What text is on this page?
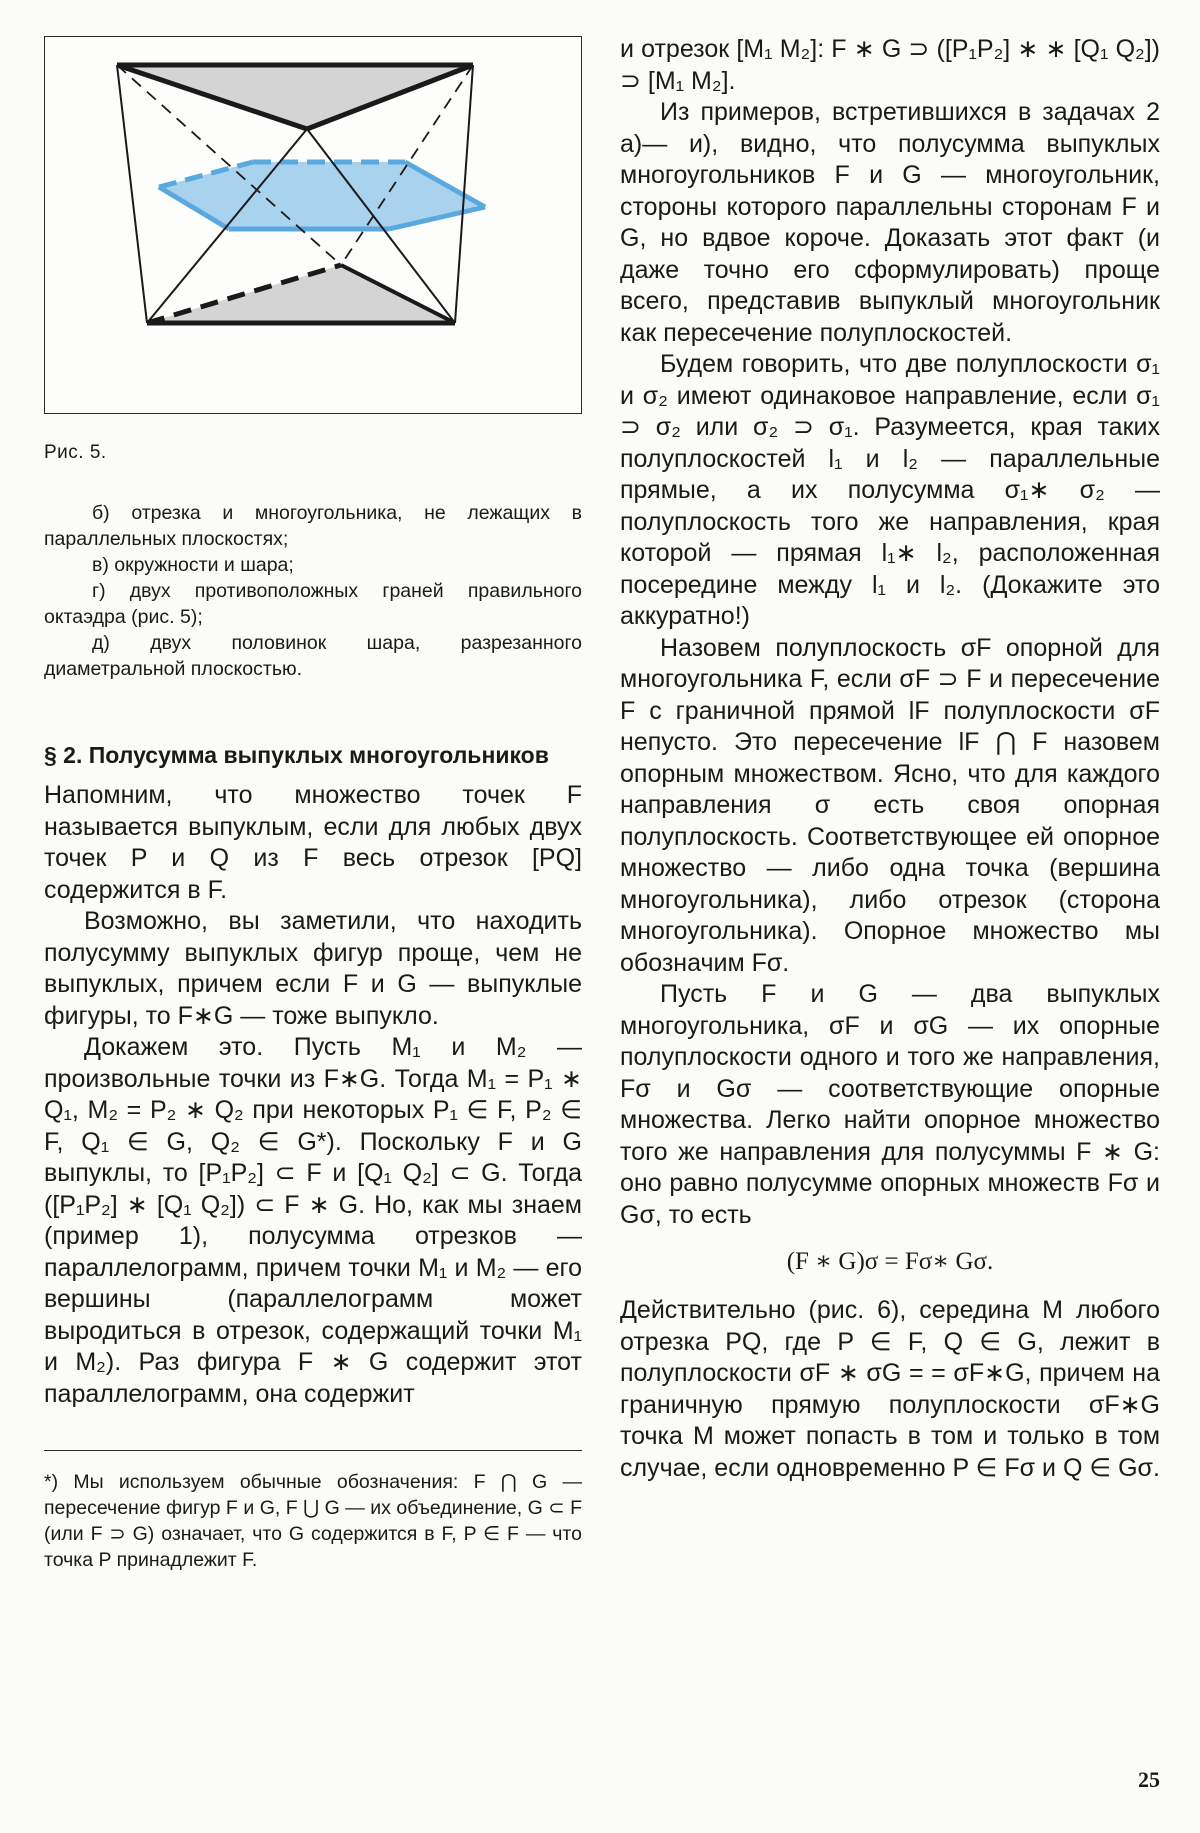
Рис. 5.

б) отрезка и многоугольника, не лежащих в параллельных плоскостях;

в) окружности и шара;

г) двух противоположных граней правильного октаэдра (рис. 5);

д) двух половинок шара, разрезанного диаметральной плоскостью.

§ 2. Полусумма выпуклых многоугольников

Напомним, что множество точек F называется выпуклым, если для любых двух точек P и Q из F весь отрезок [PQ] содержится в F.

Возможно, вы заметили, что находить полусумму выпуклых фигур проще, чем не выпуклых, причем если F и G — выпуклые фигуры, то F∗G — тоже выпукло.

Докажем это. Пусть M₁ и M₂ — произвольные точки из F∗G. Тогда M₁ = P₁ ∗ Q₁, M₂ = P₂ ∗ Q₂ при некоторых P₁ ∈ F, P₂ ∈ F, Q₁ ∈ G, Q₂ ∈ G*). Поскольку F и G выпуклы, то [P₁P₂] ⊂ F и [Q₁ Q₂] ⊂ G. Тогда ([P₁P₂] ∗ [Q₁ Q₂]) ⊂ F ∗ G. Но, как мы знаем (пример 1), полусумма отрезков — параллелограмм, причем точки M₁ и M₂ — его вершины (параллелограмм может выродиться в отрезок, содержащий точки M₁ и M₂). Раз фигура F ∗ G содержит этот параллелограмм, она содержит

*) Мы используем обычные обозначения: F ⋂ G — пересечение фигур F и G, F ⋃ G — их объединение, G ⊂ F (или F ⊃ G) означает, что G содержится в F, P ∈ F — что точка P принадлежит F.

и отрезок [M₁ M₂]: F ∗ G ⊃ ([P₁P₂] ∗ ∗ [Q₁ Q₂]) ⊃ [M₁ M₂].

Из примеров, встретившихся в задачах 2 а)— и), видно, что полусумма выпуклых многоугольников F и G — многоугольник, стороны которого параллельны сторонам F и G, но вдвое короче. Доказать этот факт (и даже точно его сформулировать) проще всего, представив выпуклый многоугольник как пересечение полуплоскостей.

Будем говорить, что две полуплоскости σ₁ и σ₂ имеют одинаковое направление, если σ₁ ⊃ σ₂ или σ₂ ⊃ σ₁. Разумеется, края таких полуплоскостей l₁ и l₂ — параллельные прямые, а их полусумма σ₁∗ σ₂ — полуплоскость того же направления, края которой — прямая l₁∗ l₂, расположенная посередине между l₁ и l₂. (Докажите это аккуратно!)

Назовем полуплоскость σF опорной для многоугольника F, если σF ⊃ F и пересечение F с граничной прямой lF полуплоскости σF непусто. Это пересечение lF ⋂ F назовем опорным множеством. Ясно, что для каждого направления σ есть своя опорная полуплоскость. Соответствующее ей опорное множество — либо одна точка (вершина многоугольника), либо отрезок (сторона многоугольника). Опорное множество мы обозначим Fσ.

Пусть F и G — два выпуклых многоугольника, σF и σG — их опорные полуплоскости одного и того же направления, Fσ и Gσ — соответствующие опорные множества. Легко найти опорное множество того же направления для полусуммы F ∗ G: оно равно полусумме опорных множеств Fσ и Gσ, то есть

(F ∗ G)σ = Fσ∗ Gσ.

Действительно (рис. 6), середина M любого отрезка PQ, где P ∈ F, Q ∈ G, лежит в полуплоскости σF ∗ σG = = σF∗G, причем на граничную прямую полуплоскости σF∗G точка M может попасть в том и только в том случае, если одновременно P ∈ Fσ и Q ∈ Gσ.

25
